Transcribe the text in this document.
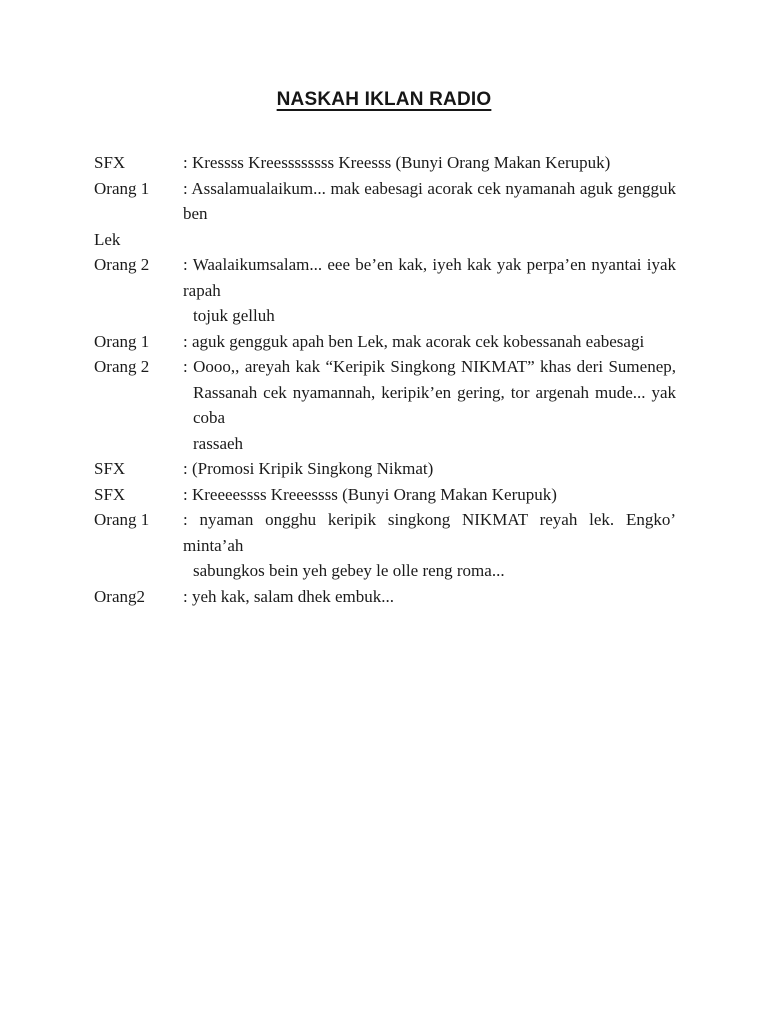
NASKAH IKLAN RADIO
SFX	: Kressss Kreessssssss Kreesss (Bunyi Orang Makan Kerupuk)
Orang 1	: Assalamualaikum... mak eabesagi acorak cek nyamanah aguk gengguk ben
Lek
Orang 2	: Waalaikumsalam... eee be’en kak, iyeh kak yak perpa’en nyantai iyak rapah
tojuk gelluh
Orang 1	: aguk gengguk apah ben Lek, mak acorak cek kobessanah eabesagi
Orang 2	: Oooo,, areyah kak “Keripik Singkong NIKMAT” khas deri Sumenep,
Rassanah cek nyamannah, keripik’en gering, tor argenah mude... yak coba
rassaeh
SFX	: (Promosi Kripik Singkong Nikmat)
SFX	: Kreeeessss Kreeessss (Bunyi Orang Makan Kerupuk)
Orang 1	: nyaman ongghu keripik singkong NIKMAT reyah lek. Engko’ minta’ah
sabungkos bein yeh gebey le olle reng roma...
Orang2	: yeh kak, salam dhek embuk...
